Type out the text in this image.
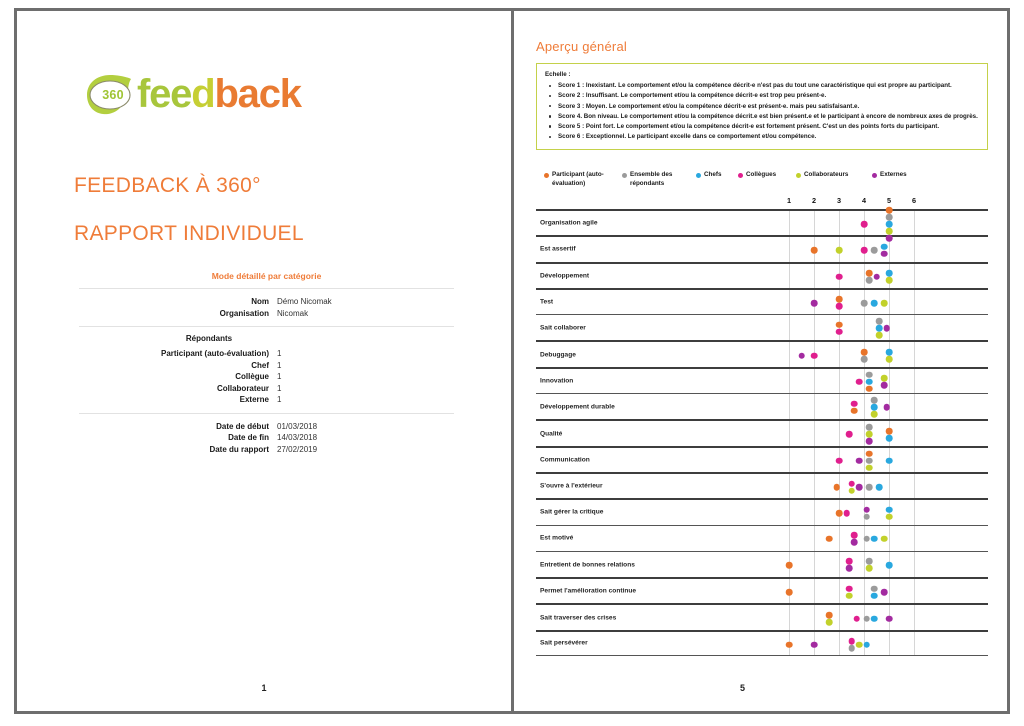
360 feedback
FEEDBACK À 360°
RAPPORT INDIVIDUEL
Mode détaillé par catégorie
Nom	Démo Nicomak
Organisation	Nicomak
Répondants
Participant (auto-évaluation)	1
Chef	1
Collègue	1
Collaborateur	1
Externe	1
Date de début	01/03/2018
Date de fin	14/03/2018
Date du rapport	27/02/2019
1
Aperçu général
Echelle :
Score 1 : Inexistant. Le comportement et/ou la compétence décrit-e n'est pas du tout une caractéristique qui est propre au participant.
Score 2 : Insuffisant. Le comportement et/ou la compétence décrit-e est trop peu présent-e.
Score 3 : Moyen. Le comportement et/ou la compétence décrit-e est présent-e. mais peu satisfaisant.e.
Score 4. Bon niveau. Le comportement et/ou la compétence décrit.e est bien présent.e et le participant à encore de nombreux axes de progrès.
Score 5 : Point fort. Le comportement et/ou la compétence décrit-e est fortement présent. C'est un des points forts du participant.
Score 6 : Exceptionnel. Le participant excelle dans ce comportement et/ou compétence.
Participant (auto-évaluation)
Ensemble des répondants
Chefs	Collègues	Collaborateurs	Externes
1	2	3	4	5	6
Organisation agile
Est assertif
Développement
Test
Sait collaborer
Debuggage
Innovation
Développement durable
Qualité
Communication
S'ouvre à l'extérieur
Sait gérer la critique
Est motivé
Entretient de bonnes relations
Permet l'amélioration continue
Sait traverser des crises
Sait persévérer
5
